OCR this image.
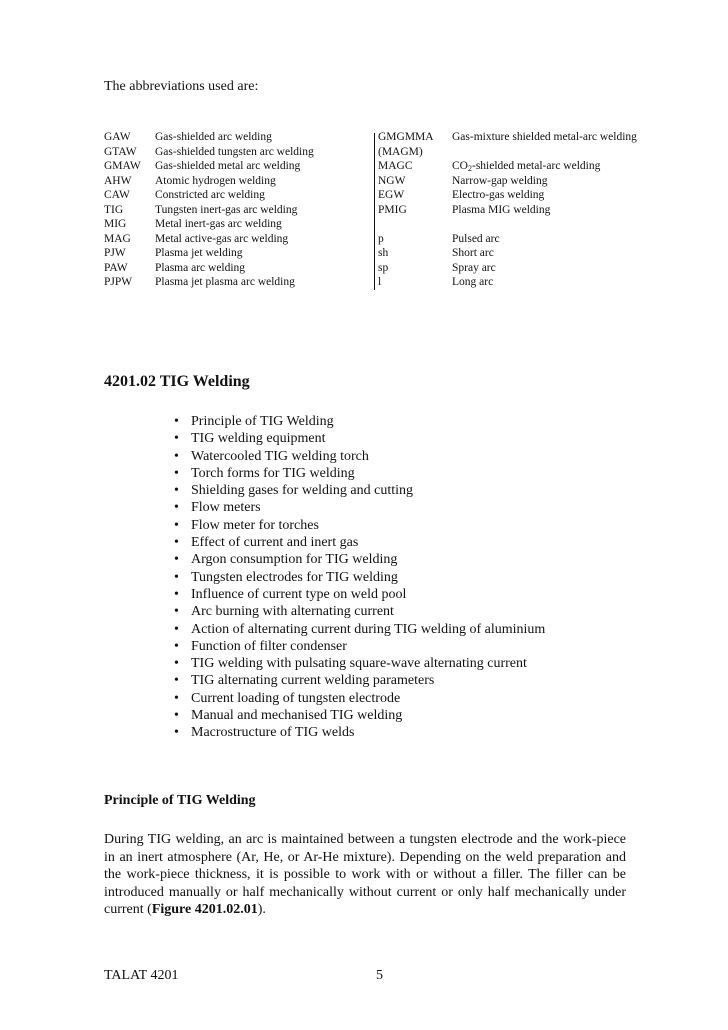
The abbreviations used are:
GAW	Gas-shielded arc welding	GMGMMA	Gas-mixture shielded metal-arc welding
GTAW	Gas-shielded tungsten arc welding	(MAGM)
GMAW	Gas-shielded metal arc welding	MAGC	$CO_2$-shielded metal-arc welding
AHW	Atomic hydrogen welding	NGW	Narrow-gap welding
CAW	Constricted arc welding	EGW	Electro-gas welding
TIG	Tungsten inert-gas arc welding	PMIG	Plasma MIG welding
MIG	Metal inert-gas arc welding
MAG	Metal active-gas arc welding	p	Pulsed arc
PJW	Plasma jet welding	sh	Short arc
PAW	Plasma arc welding	sp	Spray arc
PJPW	Plasma jet plasma arc welding	l	Long arc
4201.02 TIG Welding
• Principle of TIG Welding
• TIG welding equipment
• Watercooled TIG welding torch
• Torch forms for TIG welding
• Shielding gases for welding and cutting
• Flow meters
• Flow meter for torches
• Effect of current and inert gas
• Argon consumption for TIG welding
• Tungsten electrodes for TIG welding
• Influence of current type on weld pool
• Arc burning with alternating current
• Action of alternating current during TIG welding of aluminium
• Function of filter condenser
• TIG welding with pulsating square-wave alternating current
• TIG alternating current welding parameters
• Current loading of tungsten electrode
• Manual and mechanised TIG welding
• Macrostructure of TIG welds
Principle of TIG Welding

During TIG welding, an arc is maintained between a tungsten electrode and the work-piece in an inert atmosphere (Ar, He, or Ar-He mixture). Depending on the weld preparation and the work-piece thickness, it is possible to work with or without a filler. The filler can be introduced manually or half mechanically without current or only half mechanically under current (Figure 4201.02.01).

TALAT 4201	5
